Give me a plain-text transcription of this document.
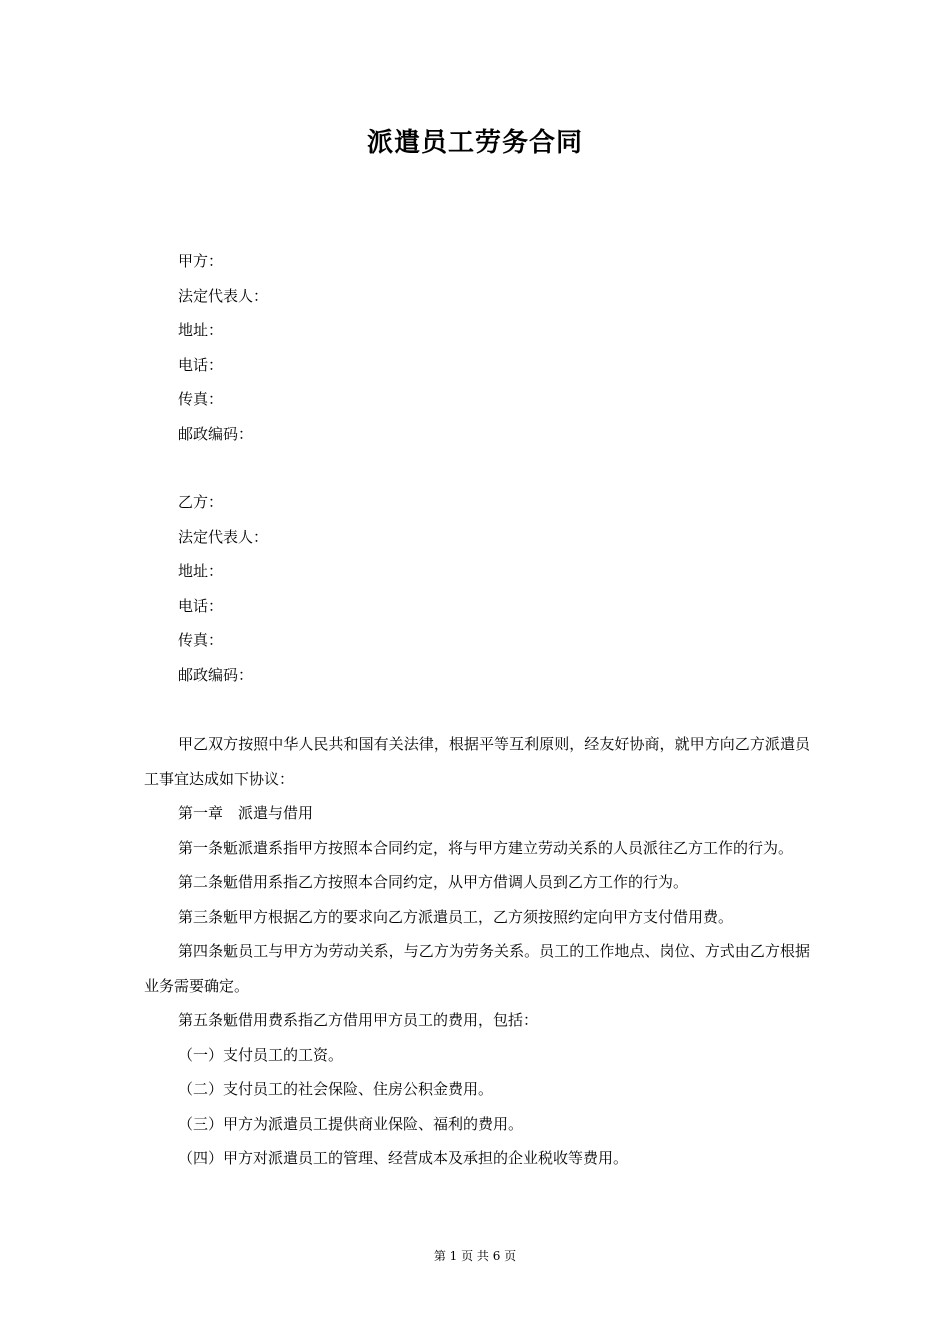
派遣员工劳务合同
甲方：
法定代表人：
地址：
电话：
传真：
邮政编码：
乙方：
法定代表人：
地址：
电话：
传真：
邮政编码：

甲乙双方按照中华人民共和国有关法律，根据平等互利原则，经友好协商，就甲方向乙方派遣员工事宜达成如下协议：

第一章　派遣与借用

第一条鬿派遣系指甲方按照本合同约定，将与甲方建立劳动关系的人员派往乙方工作的行为。

第二条鬿借用系指乙方按照本合同约定，从甲方借调人员到乙方工作的行为。

第三条鬿甲方根据乙方的要求向乙方派遣员工，乙方须按照约定向甲方支付借用费。

第四条鬿员工与甲方为劳动关系，与乙方为劳务关系。员工的工作地点、岗位、方式由乙方根据业务需要确定。

第五条鬿借用费系指乙方借用甲方员工的费用，包括：

（一）支付员工的工资。

（二）支付员工的社会保险、住房公积金费用。

（三）甲方为派遣员工提供商业保险、福利的费用。

（四）甲方对派遣员工的管理、经营成本及承担的企业税收等费用。

第 1 页 共 6 页
